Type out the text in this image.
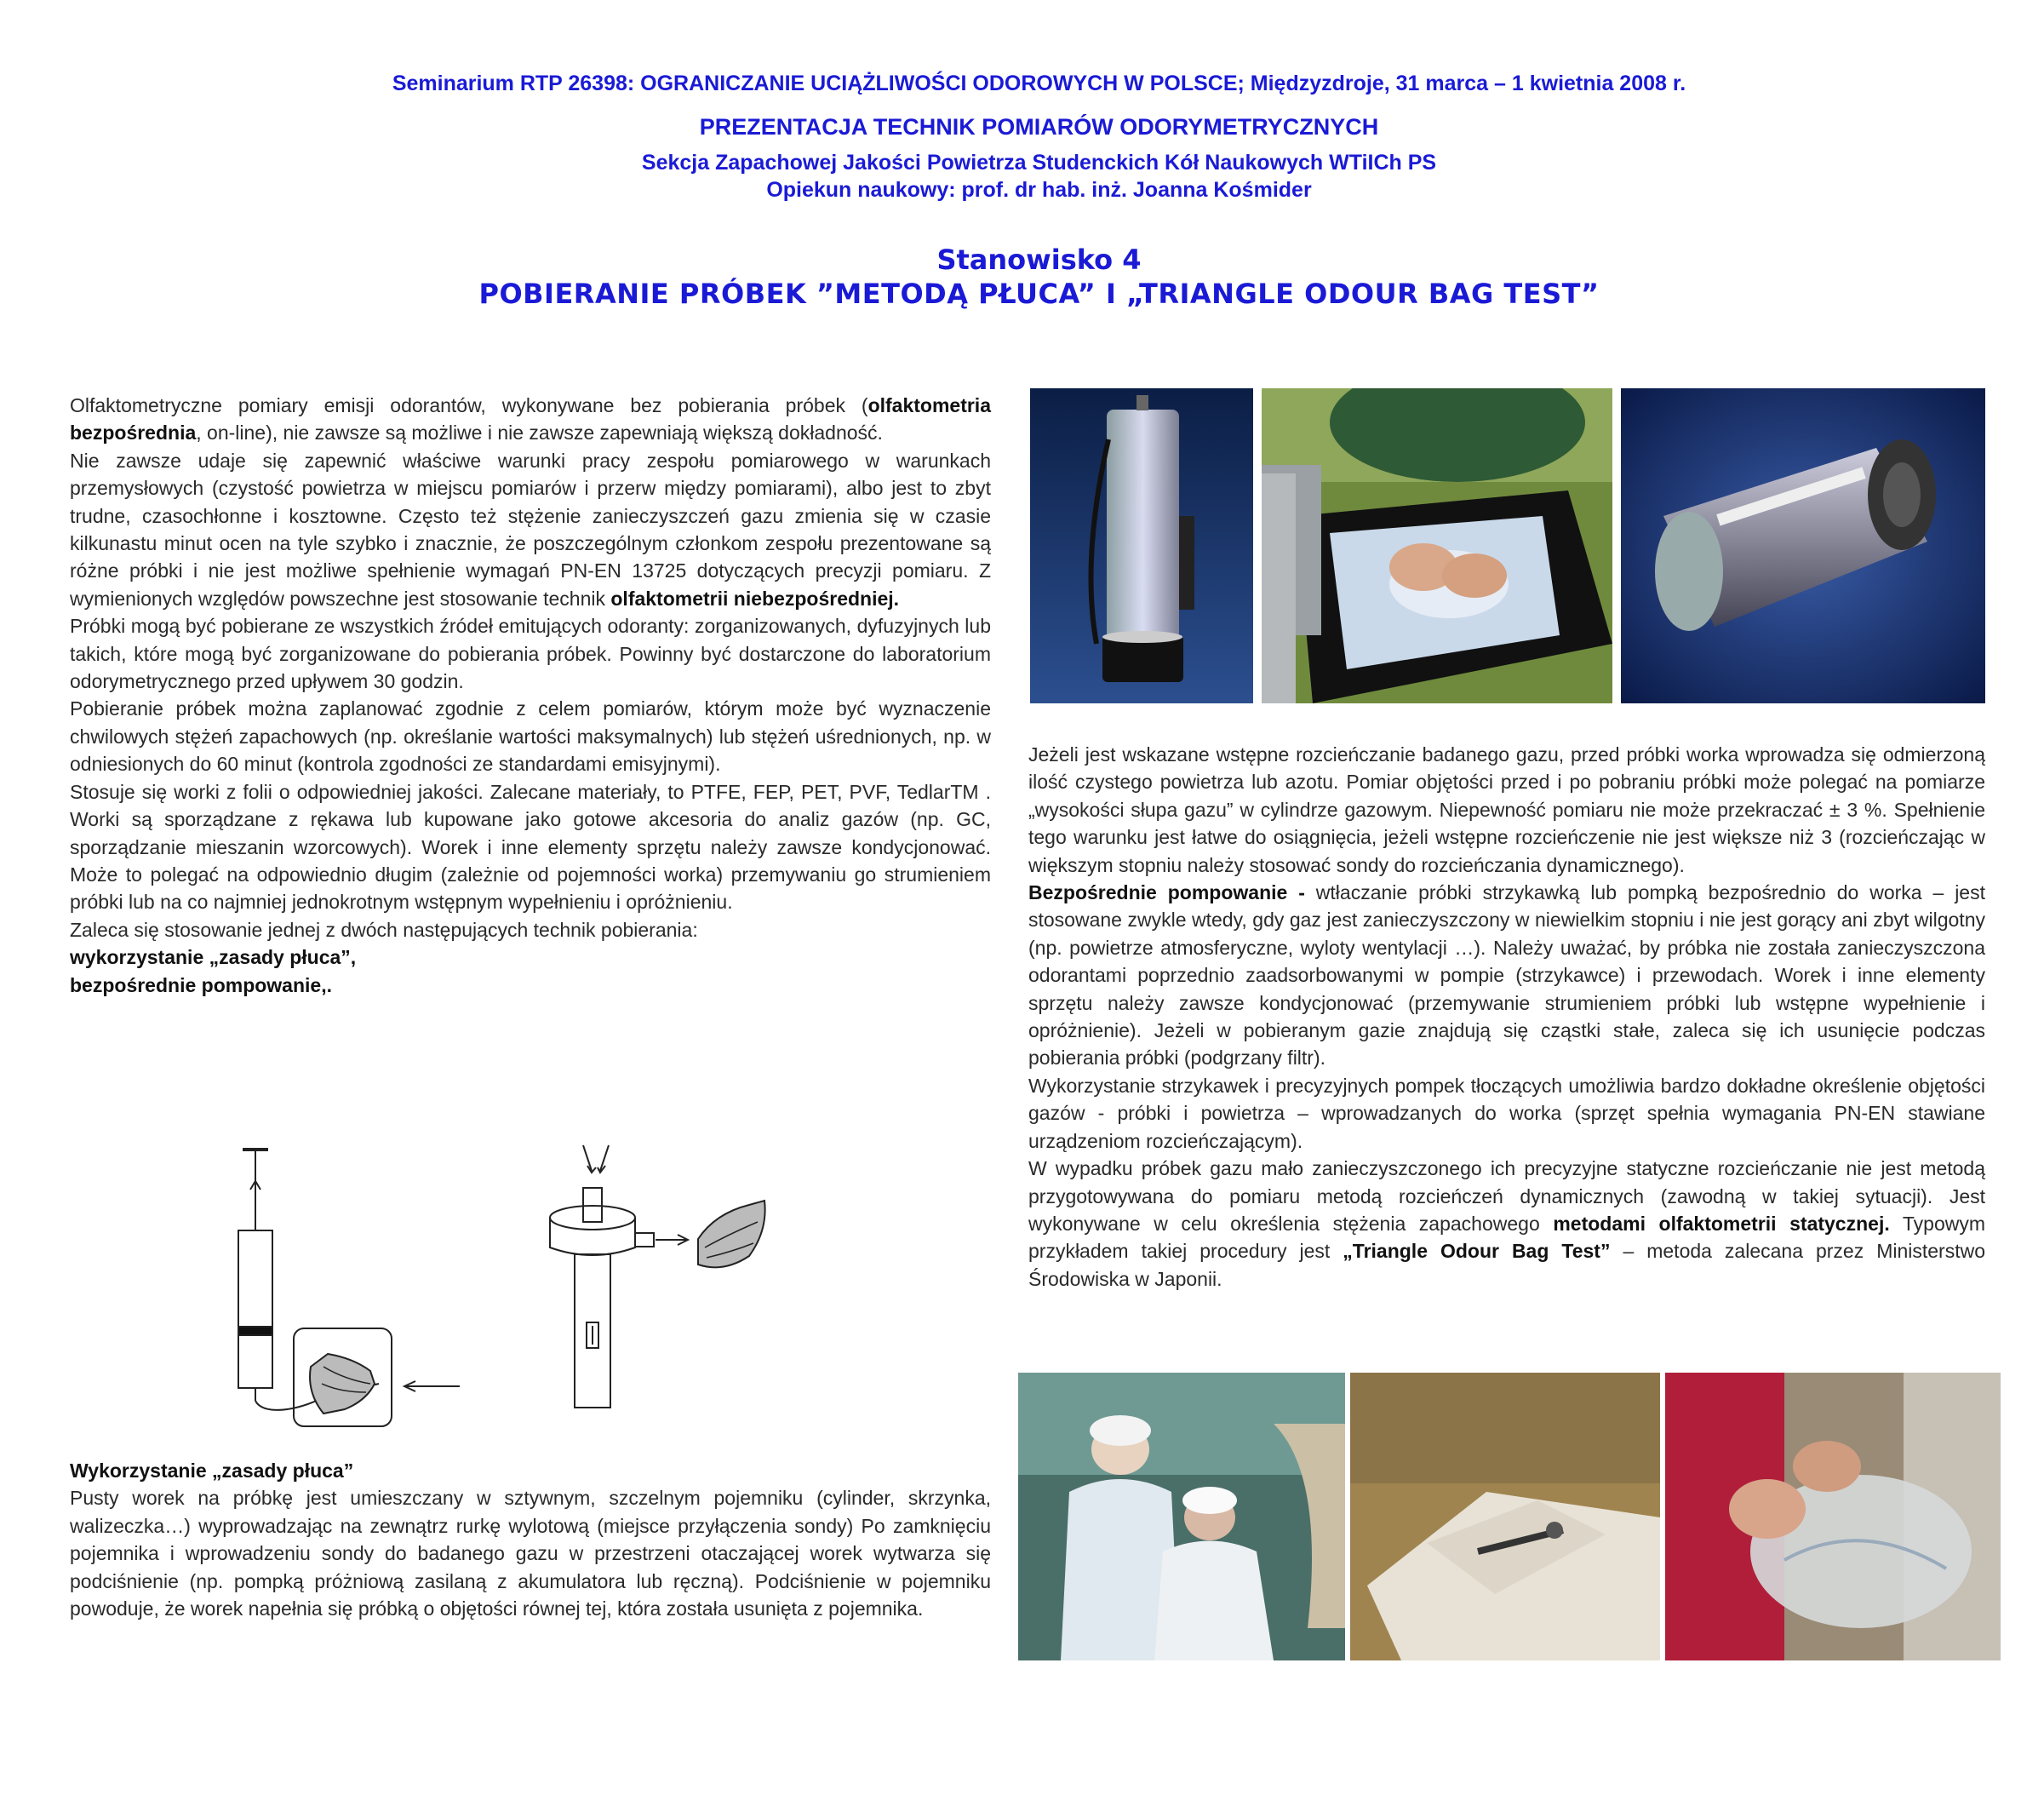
Seminarium RTP 26398: OGRANICZANIE UCIĄŻLIWOŚCI ODOROWYCH W POLSCE; Międzyzdroje, 31 marca – 1 kwietnia 2008 r.
PREZENTACJA TECHNIK POMIARÓW ODORYMETRYCZNYCH
Sekcja Zapachowej Jakości Powietrza Studenckich Kół Naukowych WTiICh PS
Opiekun naukowy: prof. dr hab. inż. Joanna Kośmider
Stanowisko 4
POBIERANIE PRÓBEK ”METODĄ PŁUCA” I „TRIANGLE ODOUR BAG TEST”

Olfaktometryczne pomiary emisji odorantów, wykonywane bez pobierania próbek (olfaktometria bezpośrednia, on-line), nie zawsze są możliwe i nie zawsze zapewniają większą dokładność.

Nie zawsze udaje się zapewnić właściwe warunki pracy zespołu pomiarowego w warunkach przemysłowych (czystość powietrza w miejscu pomiarów i przerw między pomiarami), albo jest to zbyt trudne, czasochłonne i kosztowne. Często też stężenie zanieczyszczeń gazu zmienia się w czasie kilkunastu minut ocen na tyle szybko i znacznie, że poszczególnym członkom zespołu prezentowane są różne próbki i nie jest możliwe spełnienie wymagań PN-EN 13725 dotyczących precyzji pomiaru. Z wymienionych względów powszechne jest stosowanie technik olfaktometrii niebezpośredniej.

Próbki mogą być pobierane ze wszystkich źródeł emitujących odoranty: zorganizowanych, dyfuzyjnych lub takich, które mogą być zorganizowane do pobierania próbek. Powinny być dostarczone do laboratorium odorymetrycznego przed upływem 30 godzin.

Pobieranie próbek można zaplanować zgodnie z celem pomiarów, którym może być wyznaczenie chwilowych stężeń zapachowych (np. określanie wartości maksymalnych) lub stężeń uśrednionych, np. w odniesionych do 60 minut (kontrola zgodności ze standardami emisyjnymi).

Stosuje się worki z folii o odpowiedniej jakości. Zalecane materiały, to PTFE, FEP, PET, PVF, TedlarTM . Worki są sporządzane z rękawa lub kupowane jako gotowe akcesoria do analiz gazów (np. GC, sporządzanie mieszanin wzorcowych). Worek i inne elementy sprzętu należy zawsze kondycjonować. Może to polegać na odpowiednio długim (zależnie od pojemności worka) przemywaniu go strumieniem próbki lub na co najmniej jednokrotnym wstępnym wypełnieniu i opróżnieniu.

Zaleca się stosowanie jednej z dwóch następujących technik pobierania:

wykorzystanie „zasady płuca”,

bezpośrednie pompowanie,.

Wykorzystanie „zasady płuca”

Pusty worek na próbkę jest umieszczany w sztywnym, szczelnym pojemniku (cylinder, skrzynka, walizeczka…) wyprowadzając na zewnątrz rurkę wylotową (miejsce przyłączenia sondy) Po zamknięciu pojemnika i wprowadzeniu sondy do badanego gazu w przestrzeni otaczającej worek wytwarza się podciśnienie (np. pompką próżniową zasilaną z akumulatora lub ręczną). Podciśnienie w pojemniku powoduje, że worek napełnia się próbką o objętości równej tej, która została usunięta z pojemnika.

Jeżeli jest wskazane wstępne rozcieńczanie badanego gazu, przed próbki worka wprowadza się odmierzoną ilość czystego powietrza lub azotu. Pomiar objętości przed i po pobraniu próbki może polegać na pomiarze „wysokości słupa gazu” w cylindrze gazowym. Niepewność pomiaru nie może przekraczać ± 3 %. Spełnienie tego warunku jest łatwe do osiągnięcia, jeżeli wstępne rozcieńczenie nie jest większe niż 3 (rozcieńczając w większym stopniu należy stosować sondy do rozcieńczania dynamicznego).

Bezpośrednie pompowanie - wtłaczanie próbki strzykawką lub pompką bezpośrednio do worka – jest stosowane zwykle wtedy, gdy gaz jest zanieczyszczony w niewielkim stopniu i nie jest gorący ani zbyt wilgotny (np. powietrze atmosferyczne, wyloty wentylacji …). Należy uważać, by próbka nie została zanieczyszczona odorantami poprzednio zaadsorbowanymi w pompie (strzykawce) i przewodach. Worek i inne elementy sprzętu należy zawsze kondycjonować (przemywanie strumieniem próbki lub wstępne wypełnienie i opróżnienie). Jeżeli w pobieranym gazie znajdują się cząstki stałe, zaleca się ich usunięcie podczas pobierania próbki (podgrzany filtr).

Wykorzystanie strzykawek i precyzyjnych pompek tłoczących umożliwia bardzo dokładne określenie objętości gazów - próbki i powietrza – wprowadzanych do worka (sprzęt spełnia wymagania PN-EN stawiane urządzeniom rozcieńczającym).

W wypadku próbek gazu mało zanieczyszczonego ich precyzyjne statyczne rozcieńczanie nie jest metodą przygotowywana do pomiaru metodą rozcieńczeń dynamicznych (zawodną w takiej sytuacji). Jest wykonywane w celu określenia stężenia zapachowego metodami olfaktometrii statycznej. Typowym przykładem takiej procedury jest „Triangle Odour Bag Test” – metoda zalecana przez Ministerstwo Środowiska w Japonii.
